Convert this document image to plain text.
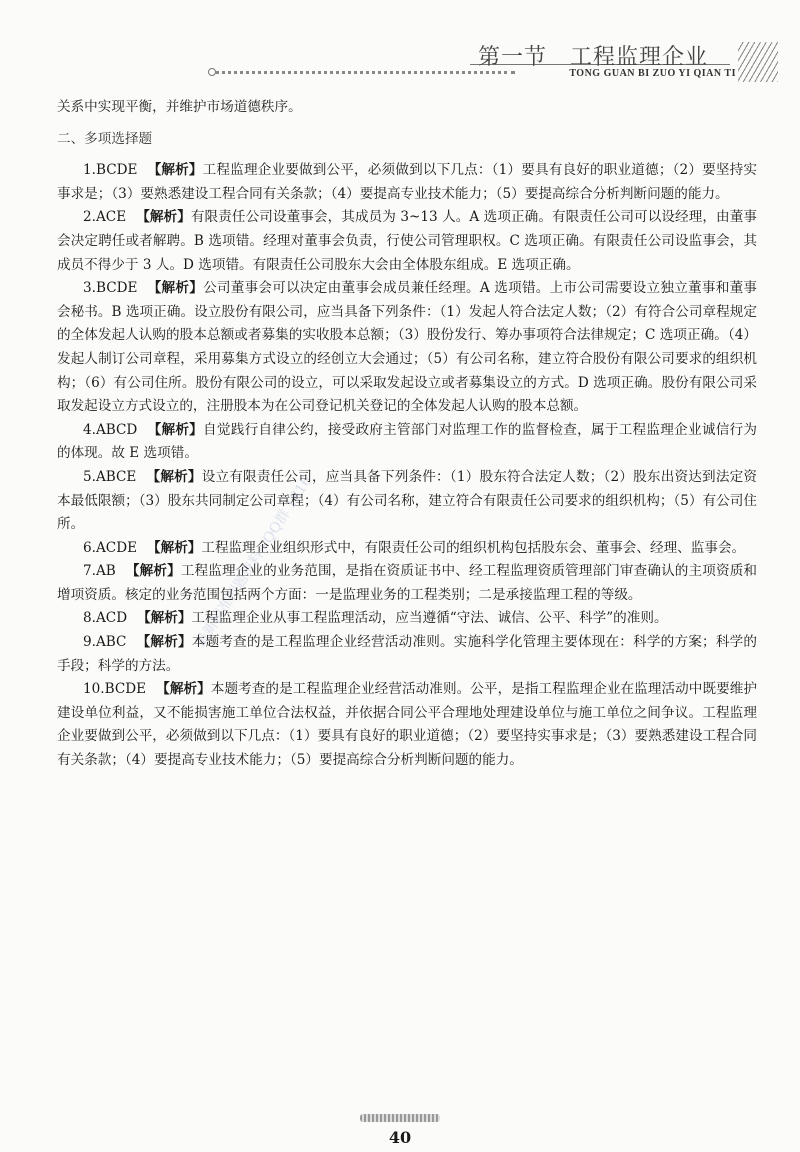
第一节　工程监理企业
TONG GUAN BI ZUO YI QIAN TI
最新精准押题资料+QQ群 1816

关系中实现平衡，并维护市场道德秩序。

二、多项选择题

1.BCDE 【解析】工程监理企业要做到公平，必须做到以下几点：（1）要具有良好的职业道德；（2）要坚持实事求是；（3）要熟悉建设工程合同有关条款；（4）要提高专业技术能力；（5）要提高综合分析判断问题的能力。

2.ACE 【解析】有限责任公司设董事会，其成员为 3~13 人。A 选项正确。有限责任公司可以设经理，由董事会决定聘任或者解聘。B 选项错。经理对董事会负责，行使公司管理职权。C 选项正确。有限责任公司设监事会，其成员不得少于 3 人。D 选项错。有限责任公司股东大会由全体股东组成。E 选项正确。

3.BCDE 【解析】公司董事会可以决定由董事会成员兼任经理。A 选项错。上市公司需要设立独立董事和董事会秘书。B 选项正确。设立股份有限公司，应当具备下列条件：（1）发起人符合法定人数；（2）有符合公司章程规定的全体发起人认购的股本总额或者募集的实收股本总额；（3）股份发行、筹办事项符合法律规定；C 选项正确。（4）发起人制订公司章程，采用募集方式设立的经创立大会通过；（5）有公司名称，建立符合股份有限公司要求的组织机构；（6）有公司住所。股份有限公司的设立，可以采取发起设立或者募集设立的方式。D 选项正确。股份有限公司采取发起设立方式设立的，注册股本为在公司登记机关登记的全体发起人认购的股本总额。

4.ABCD 【解析】自觉践行自律公约，接受政府主管部门对监理工作的监督检查，属于工程监理企业诚信行为的体现。故 E 选项错。

5.ABCE 【解析】设立有限责任公司，应当具备下列条件：（1）股东符合法定人数；（2）股东出资达到法定资本最低限额；（3）股东共同制定公司章程；（4）有公司名称，建立符合有限责任公司要求的组织机构；（5）有公司住所。

6.ACDE 【解析】工程监理企业组织形式中，有限责任公司的组织机构包括股东会、董事会、经理、监事会。

7.AB 【解析】工程监理企业的业务范围，是指在资质证书中、经工程监理资质管理部门审查确认的主项资质和增项资质。核定的业务范围包括两个方面：一是监理业务的工程类别；二是承接监理工程的等级。

8.ACD 【解析】工程监理企业从事工程监理活动，应当遵循“守法、诚信、公平、科学”的准则。

9.ABC 【解析】本题考查的是工程监理企业经营活动准则。实施科学化管理主要体现在：科学的方案；科学的手段；科学的方法。

10.BCDE 【解析】本题考查的是工程监理企业经营活动准则。公平，是指工程监理企业在监理活动中既要维护建设单位利益，又不能损害施工单位合法权益，并依据合同公平合理地处理建设单位与施工单位之间争议。工程监理企业要做到公平，必须做到以下几点：（1）要具有良好的职业道德；（2）要坚持实事求是；（3）要熟悉建设工程合同有关条款；（4）要提高专业技术能力；（5）要提高综合分析判断问题的能力。

40
